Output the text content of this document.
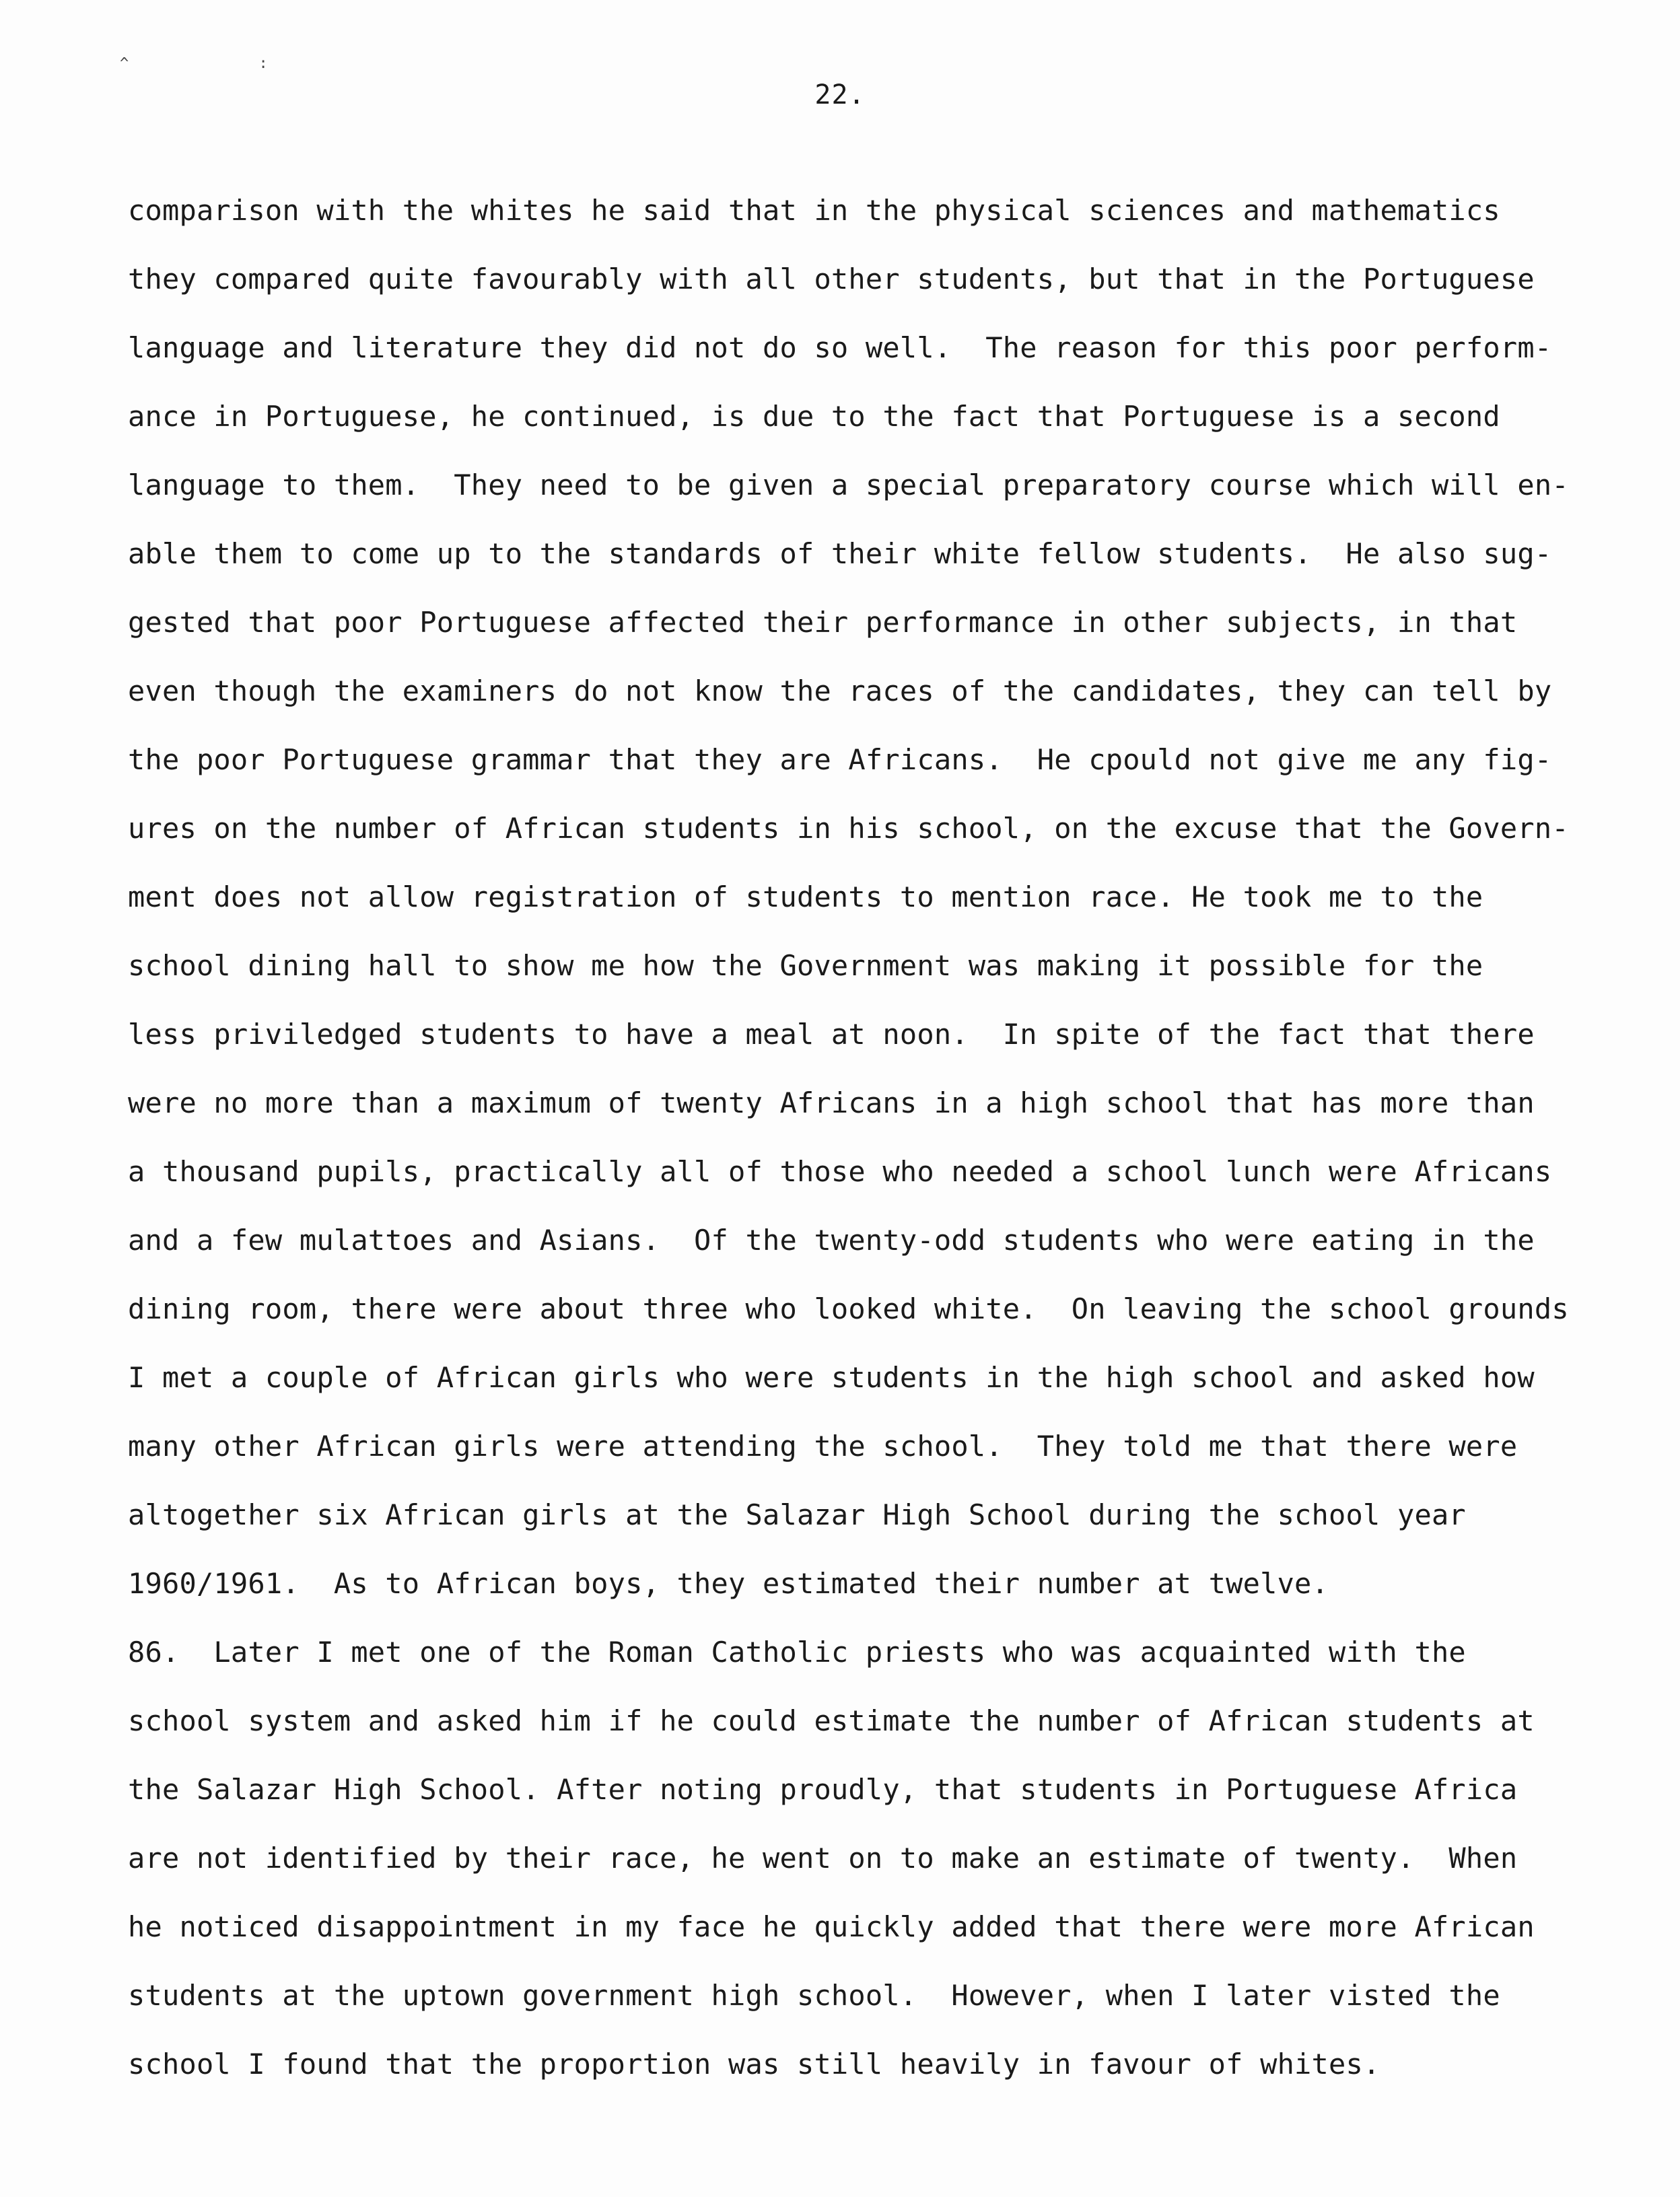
^ :
22.
comparison with the whites he said that in the physical sciences and mathematics
they compared quite favourably with all other students, but that in the Portuguese
language and literature they did not do so well.  The reason for this poor perform-
ance in Portuguese, he continued, is due to the fact that Portuguese is a second
language to them.  They need to be given a special preparatory course which will en-
able them to come up to the standards of their white fellow students.  He also sug-
gested that poor Portuguese affected their performance in other subjects, in that
even though the examiners do not know the races of the candidates, they can tell by
the poor Portuguese grammar that they are Africans.  He cpould not give me any fig-
ures on the number of African students in his school, on the excuse that the Govern-
ment does not allow registration of students to mention race. He took me to the
school dining hall to show me how the Government was making it possible for the
less priviledged students to have a meal at noon.  In spite of the fact that there
were no more than a maximum of twenty Africans in a high school that has more than
a thousand pupils, practically all of those who needed a school lunch were Africans
and a few mulattoes and Asians.  Of the twenty-odd students who were eating in the
dining room, there were about three who looked white.  On leaving the school grounds
I met a couple of African girls who were students in the high school and asked how
many other African girls were attending the school.  They told me that there were
altogether six African girls at the Salazar High School during the school year
1960/1961.  As to African boys, they estimated their number at twelve.
86.  Later I met one of the Roman Catholic priests who was acquainted with the
school system and asked him if he could estimate the number of African students at
the Salazar High School. After noting proudly, that students in Portuguese Africa
are not identified by their race, he went on to make an estimate of twenty.  When
he noticed disappointment in my face he quickly added that there were more African
students at the uptown government high school.  However, when I later visted the
school I found that the proportion was still heavily in favour of whites.
